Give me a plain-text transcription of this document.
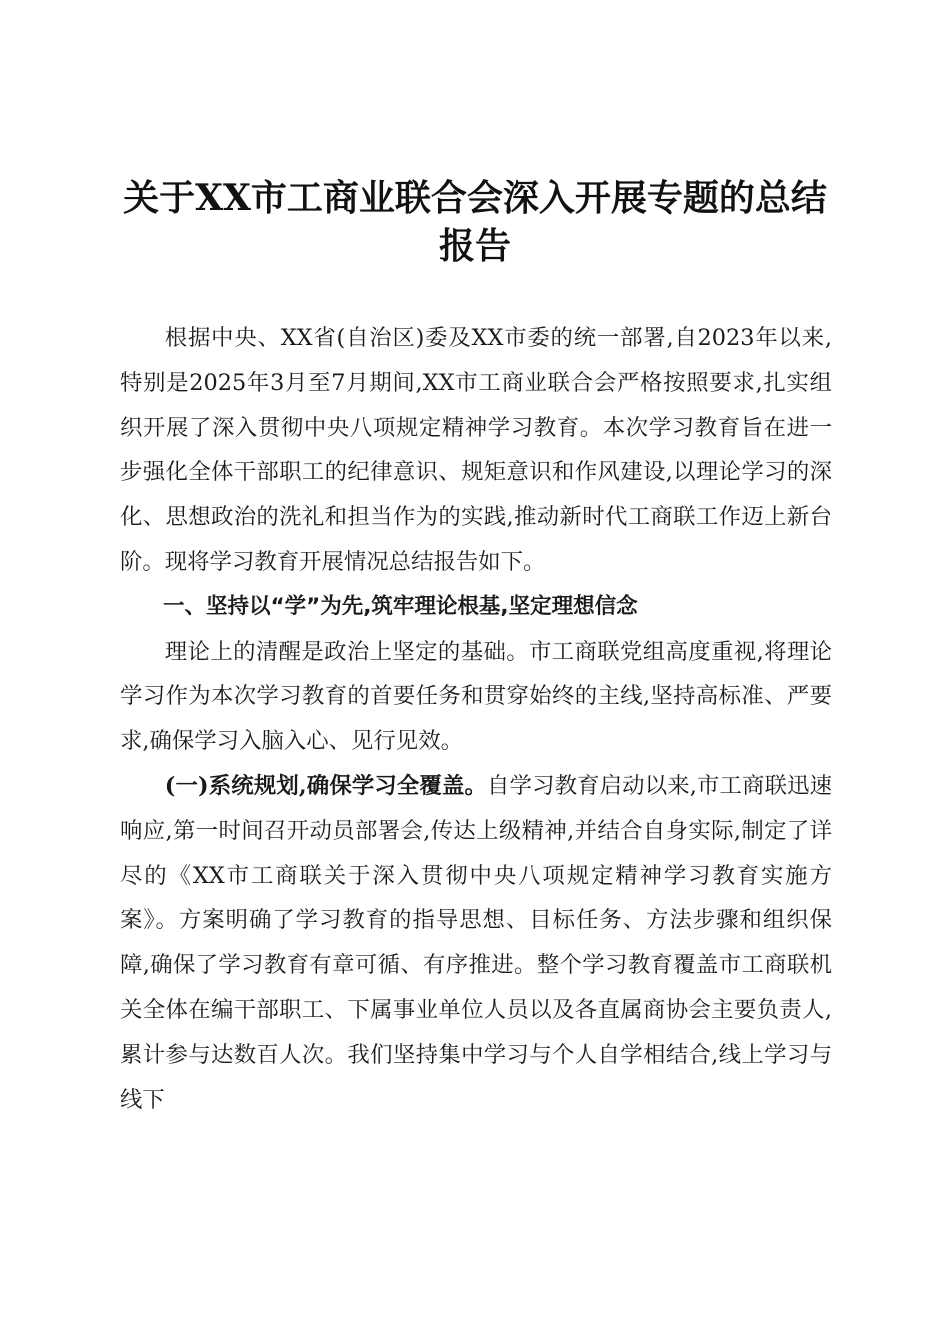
关于XX市工商业联合会深入开展专题的总结报告

根据中央、XX省(自治区)委及XX市委的统一部署,自2023年以来,特别是2025年3月至7月期间,XX市工商业联合会严格按照要求,扎实组织开展了深入贯彻中央八项规定精神学习教育。本次学习教育旨在进一步强化全体干部职工的纪律意识、规矩意识和作风建设,以理论学习的深化、思想政治的洗礼和担当作为的实践,推动新时代工商联工作迈上新台阶。现将学习教育开展情况总结报告如下。

一、坚持以“学”为先,筑牢理论根基,坚定理想信念

理论上的清醒是政治上坚定的基础。市工商联党组高度重视,将理论学习作为本次学习教育的首要任务和贯穿始终的主线,坚持高标准、严要求,确保学习入脑入心、见行见效。

(一)系统规划,确保学习全覆盖。自学习教育启动以来,市工商联迅速响应,第一时间召开动员部署会,传达上级精神,并结合自身实际,制定了详尽的《XX市工商联关于深入贯彻中央八项规定精神学习教育实施方案》。方案明确了学习教育的指导思想、目标任务、方法步骤和组织保障,确保了学习教育有章可循、有序推进。整个学习教育覆盖市工商联机关全体在编干部职工、下属事业单位人员以及各直属商协会主要负责人,累计参与达数百人次。我们坚持集中学习与个人自学相结合,线上学习与线下
